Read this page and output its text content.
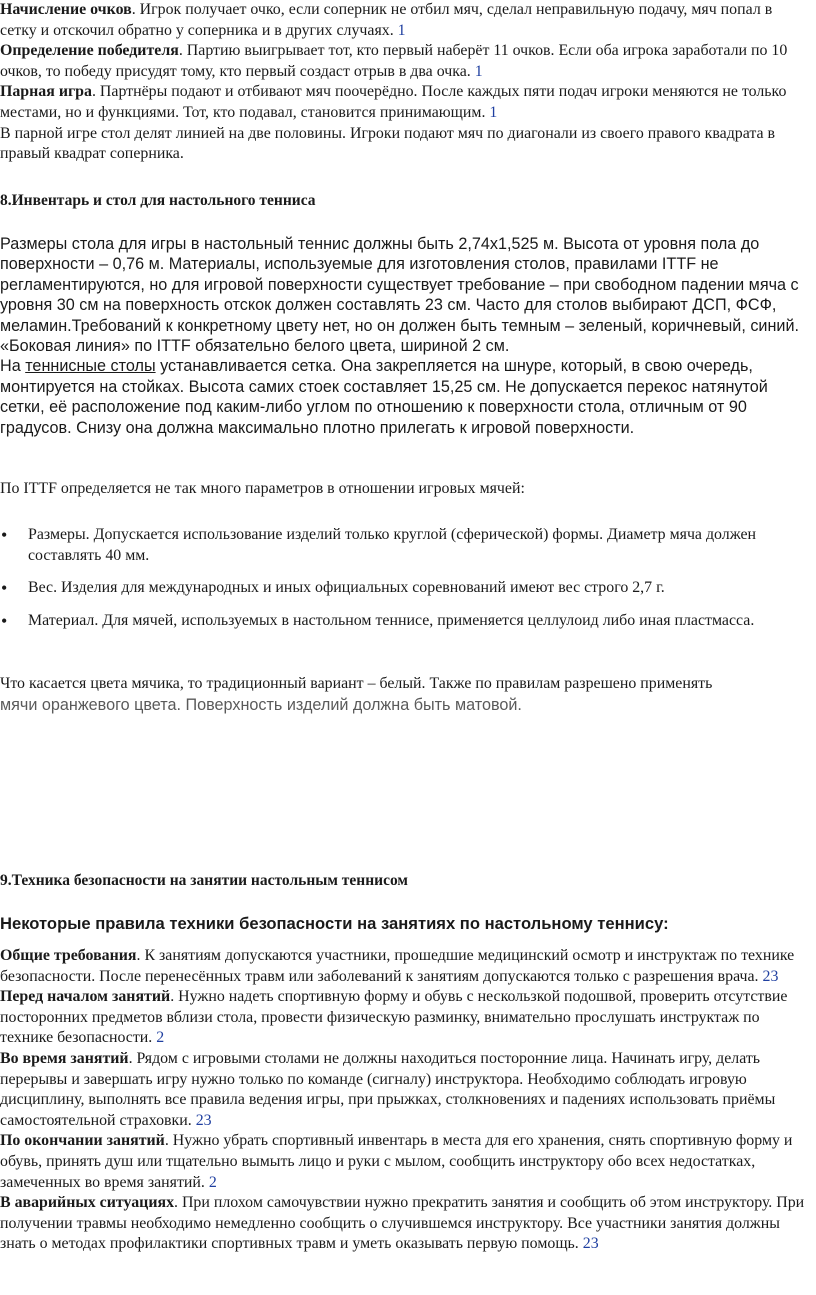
Начисление очков. Игрок получает очко, если соперник не отбил мяч, сделал неправильную подачу, мяч попал в сетку и отскочил обратно у соперника и в других случаях. 1

Определение победителя. Партию выигрывает тот, кто первый наберёт 11 очков. Если оба игрока заработали по 10 очков, то победу присудят тому, кто первый создаст отрыв в два очка. 1

Парная игра. Партнёры подают и отбивают мяч поочерёдно. После каждых пяти подач игроки меняются не только местами, но и функциями. Тот, кто подавал, становится принимающим. 1

В парной игре стол делят линией на две половины. Игроки подают мяч по диагонали из своего правого квадрата в правый квадрат соперника.

8.Инвентарь и стол для настольного тенниса

Размеры стола для игры в настольный теннис должны быть 2,74х1,525 м. Высота от уровня пола до поверхности – 0,76 м. Материалы, используемые для изготовления столов, правилами ITTF не регламентируются, но для игровой поверхности существует требование – при свободном падении мяча с уровня 30 см на поверхность отскок должен составлять 23 см. Часто для столов выбирают ДСП, ФСФ, меламин.Требований к конкретному цвету нет, но он должен быть темным – зеленый, коричневый, синий. «Боковая линия» по ITTF обязательно белого цвета, шириной 2 см.

На теннисные столы устанавливается сетка. Она закрепляется на шнуре, который, в свою очередь, монтируется на стойках. Высота самих стоек составляет 15,25 см. Не допускается перекос натянутой сетки, её расположение под каким-либо углом по отношению к поверхности стола, отличным от 90 градусов. Снизу она должна максимально плотно прилегать к игровой поверхности.

По ITTF определяется не так много параметров в отношении игровых мячей:
• Размеры. Допускается использование изделий только круглой (сферической) формы. Диаметр мяча должен составлять 40 мм.
• Вес. Изделия для международных и иных официальных соревнований имеют вес строго 2,7 г.
• Материал. Для мячей, используемых в настольном теннисе, применяется целлулоид либо иная пластмасса.

Что касается цвета мячика, то традиционный вариант – белый. Также по правилам разрешено применять

мячи оранжевого цвета. Поверхность изделий должна быть матовой.

9.Техника безопасности на занятии настольным теннисом
Некоторые правила техники безопасности на занятиях по настольному теннису:

Общие требования. К занятиям допускаются участники, прошедшие медицинский осмотр и инструктаж по технике безопасности. После перенесённых травм или заболеваний к занятиям допускаются только с разрешения врача. 23

Перед началом занятий. Нужно надеть спортивную форму и обувь с нескользкой подошвой, проверить отсутствие посторонних предметов вблизи стола, провести физическую разминку, внимательно прослушать инструктаж по технике безопасности. 2

Во время занятий. Рядом с игровыми столами не должны находиться посторонние лица. Начинать игру, делать перерывы и завершать игру нужно только по команде (сигналу) инструктора. Необходимо соблюдать игровую дисциплину, выполнять все правила ведения игры, при прыжках, столкновениях и падениях использовать приёмы самостоятельной страховки. 23

По окончании занятий. Нужно убрать спортивный инвентарь в места для его хранения, снять спортивную форму и обувь, принять душ или тщательно вымыть лицо и руки с мылом, сообщить инструктору обо всех недостатках, замеченных во время занятий. 2

В аварийных ситуациях. При плохом самочувствии нужно прекратить занятия и сообщить об этом инструктору. При получении травмы необходимо немедленно сообщить о случившемся инструктору. Все участники занятия должны знать о методах профилактики спортивных травм и уметь оказывать первую помощь. 23
